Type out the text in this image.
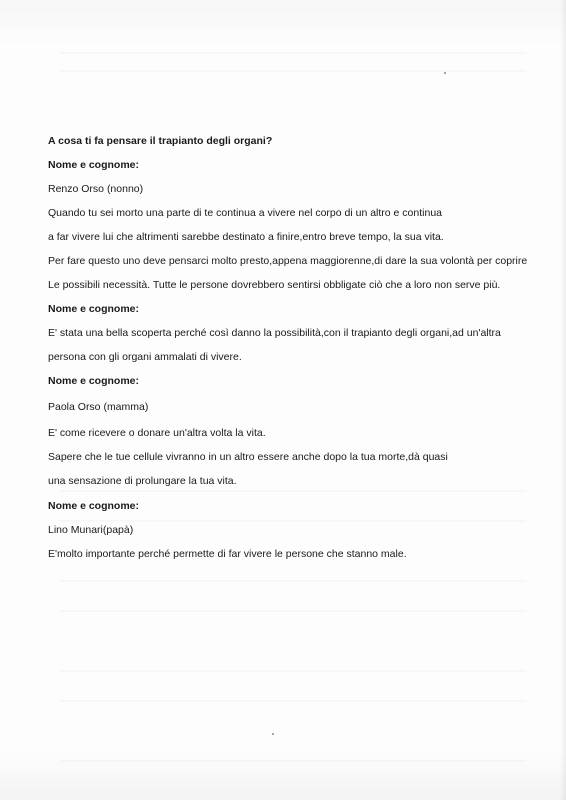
A cosa ti fa pensare il trapianto degli organi?
Nome e cognome:
Renzo Orso (nonno)
Quando tu sei morto una parte di te continua a vivere nel corpo di un altro e continua
a far vivere lui che altrimenti sarebbe destinato a finire,entro breve tempo, la sua vita.
Per fare questo uno deve pensarci molto presto,appena maggiorenne,di dare la sua volontà per coprire
Le possibili necessità. Tutte le persone dovrebbero sentirsi obbligate ciò che a loro non serve più.
Nome e cognome:
E' stata una bella scoperta perché così danno la possibilità,con il trapianto degli organi,ad un'altra
persona con gli organi ammalati di vivere.
Nome e cognome:
Paola Orso (mamma)
E' come ricevere o donare un'altra volta la vita.
Sapere che le tue cellule vivranno in un altro essere anche dopo la tua morte,dà quasi
una sensazione di prolungare la tua vita.
Nome e cognome:
Lino Munari(papà)
E'molto importante perché permette di far vivere le persone che stanno male.
